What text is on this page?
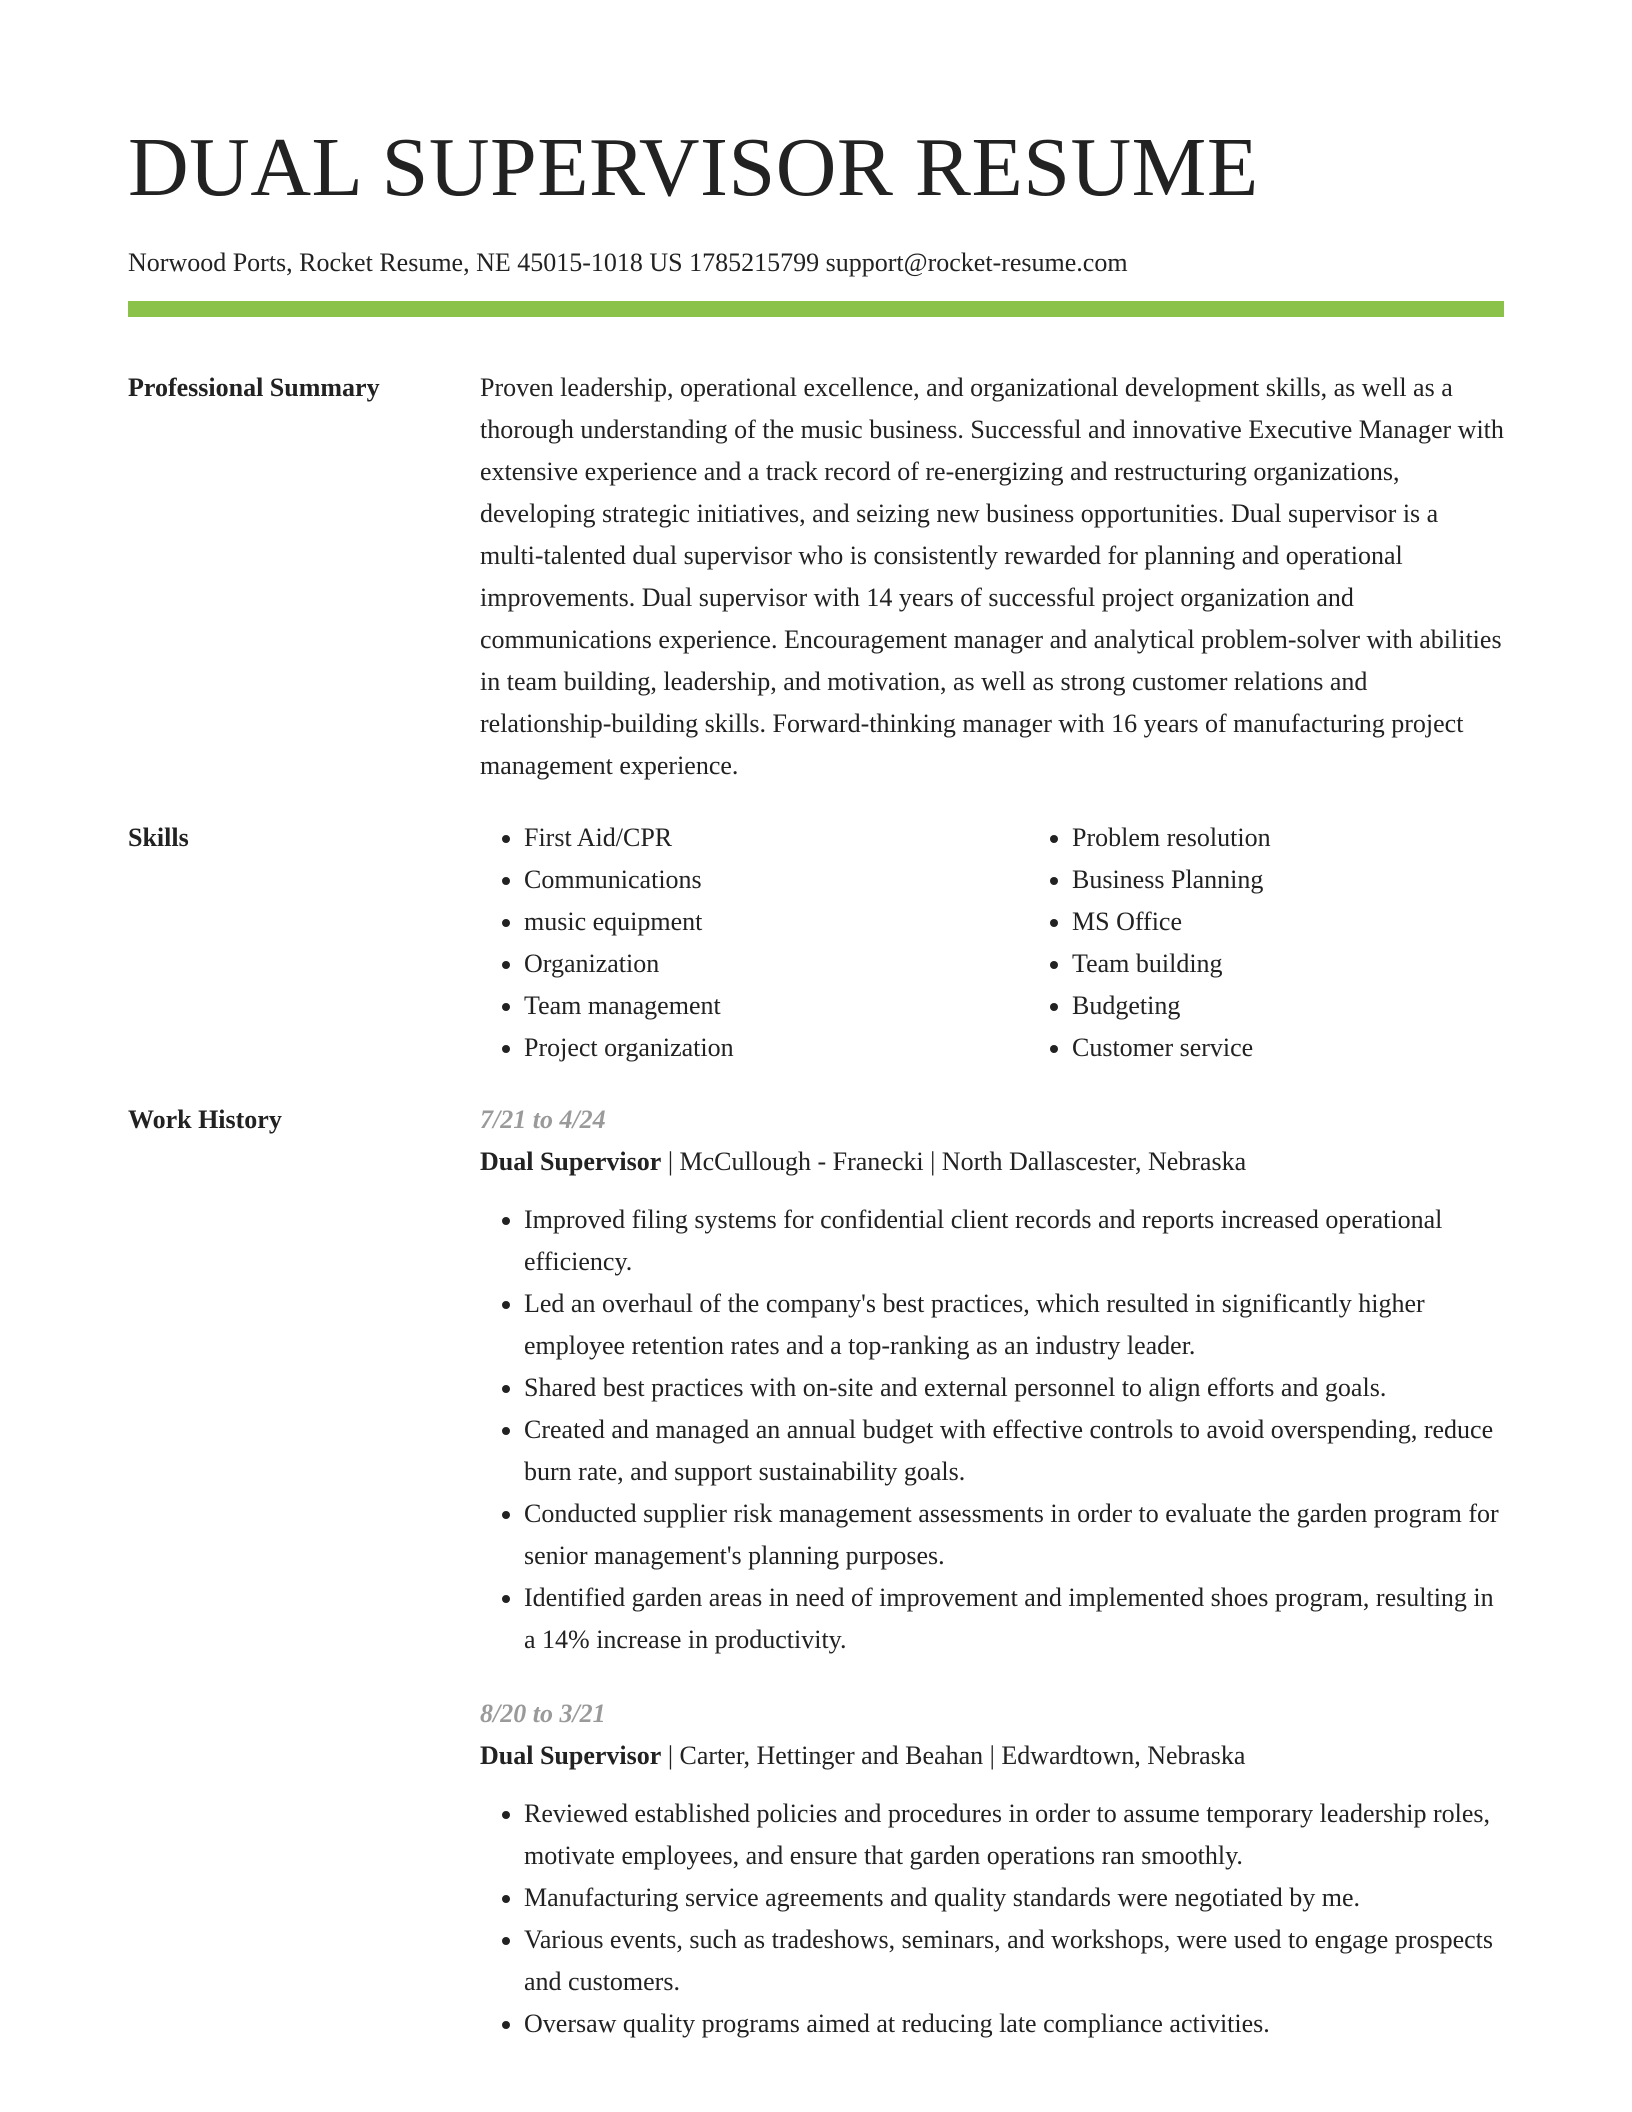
DUAL SUPERVISOR RESUME
Norwood Ports, Rocket Resume, NE 45015-1018 US 1785215799 support@rocket-resume.com
Professional Summary	Proven leadership, operational excellence, and organizational development skills, as well as a thorough understanding of the music business. Successful and innovative Executive Manager with extensive experience and a track record of re-energizing and restructuring organizations, developing strategic initiatives, and seizing new business opportunities. Dual supervisor is a multi-talented dual supervisor who is consistently rewarded for planning and operational improvements. Dual supervisor with 14 years of successful project organization and communications experience. Encouragement manager and analytical problem-solver with abilities in team building, leadership, and motivation, as well as strong customer relations and relationship-building skills. Forward-thinking manager with 16 years of manufacturing project management experience.
Skills
•	First Aid/CPR
• Communications
• music equipment
• Organization
• Team management
• Project organization
• Problem resolution
• Business Planning
• MS Office
• Team building
• Budgeting
• Customer service
Work History	7/21 to 4/24
Dual Supervisor | McCullough - Franecki | North Dallascester, Nebraska
• Improved filing systems for confidential client records and reports increased operational efficiency.
• Led an overhaul of the company's best practices, which resulted in significantly higher employee retention rates and a top-ranking as an industry leader.
• Shared best practices with on-site and external personnel to align efforts and goals.
• Created and managed an annual budget with effective controls to avoid overspending, reduce burn rate, and support sustainability goals.
• Conducted supplier risk management assessments in order to evaluate the garden program for senior management's planning purposes.
• Identified garden areas in need of improvement and implemented shoes program, resulting in a 14% increase in productivity.
8/20 to 3/21
Dual Supervisor | Carter, Hettinger and Beahan | Edwardtown, Nebraska
• Reviewed established policies and procedures in order to assume temporary leadership roles, motivate employees, and ensure that garden operations ran smoothly.
• Manufacturing service agreements and quality standards were negotiated by me.
• Various events, such as tradeshows, seminars, and workshops, were used to engage prospects and customers.
• Oversaw quality programs aimed at reducing late compliance activities.
